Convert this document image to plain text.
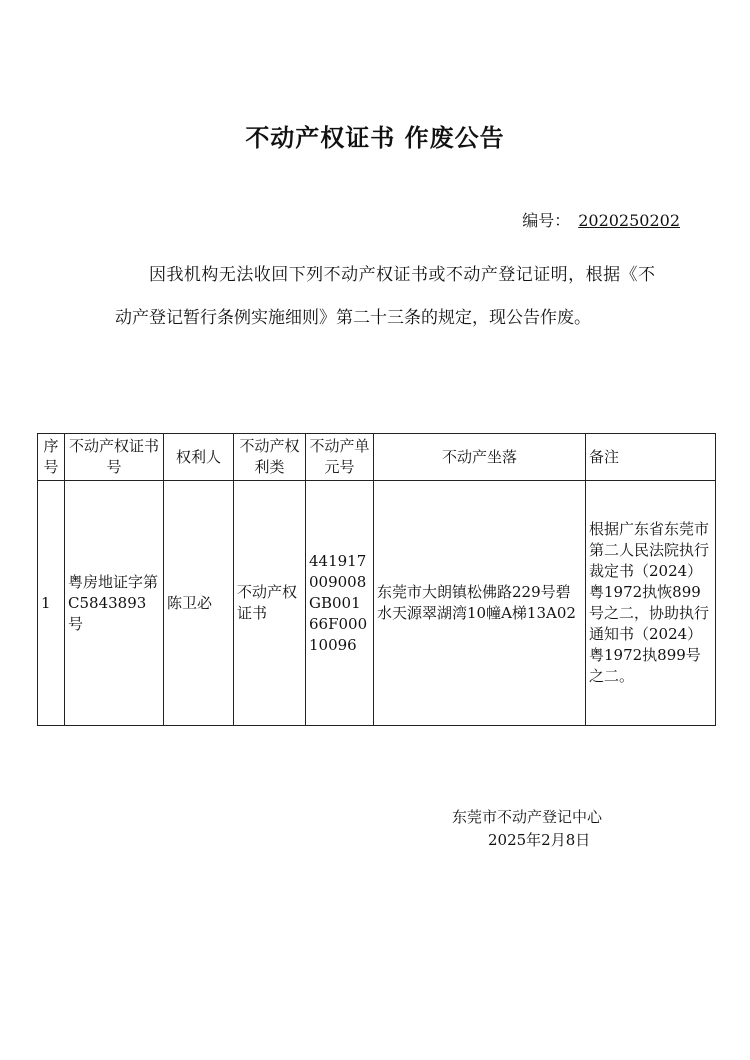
不动产权证书 作废公告
编号： 2020250202
因我机构无法收回下列不动产权证书或不动产登记证明，根据《不动产登记暂行条例实施细则》第二十三条的规定，现公告作废。
序号	不动产权证书号	权利人	不动产权利类	不动产单元号	不动产坐落	备注
1	粤房地证字第C5843893号	陈卫必	不动产权证书	441917009008GB00166F00010096	东莞市大朗镇松佛路229号碧水天源翠湖湾10幢A梯13A02	根据广东省东莞市第二人民法院执行裁定书（2024）粤1972执恢899号之二，协助执行通知书（2024）粤1972执899号之二。
东莞市不动产登记中心
2025年2月8日
